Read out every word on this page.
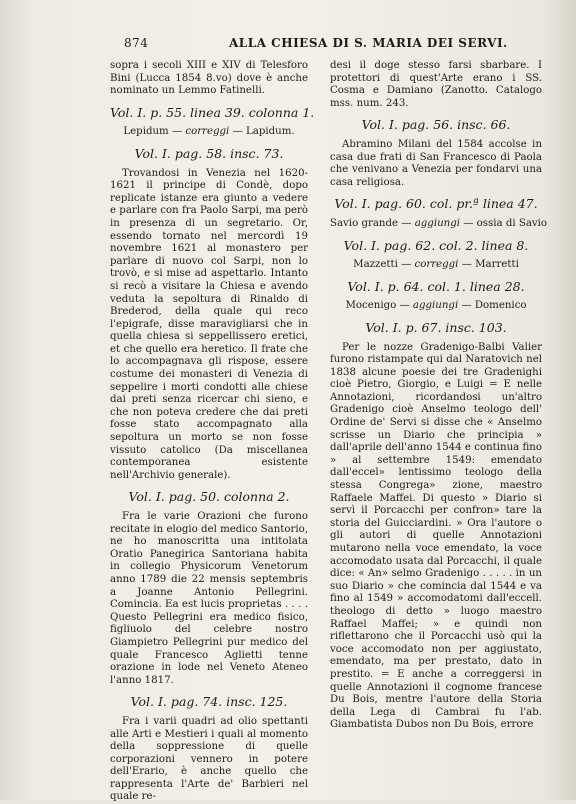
874	ALLA CHIESA DI S. MARIA DEI SERVI.

sopra i secoli XIII e XIV di Telesforo Bini (Lucca 1854 8.vo) dove è anche nominato un Lemmo Fatinelli.

Vol. I. p. 55. linea 39. colonna 1.
Lepidum — correggi — Lapidum.
Vol. I. pag. 58. insc. 73.

Trovandosi in Venezia nel 1620-1621 il principe di Condè, dopo replicate istanze era giunto a vedere e parlare con fra Paolo Sarpi, ma però in presenza di un segretario. Or, essendo tornato nel mercordì 19 novembre 1621 al monastero per parlare di nuovo col Sarpi, non lo trovò, e si mise ad aspettarlo. Intanto si recò a visitare la Chiesa e avendo veduta la sepoltura di Rinaldo di Brederod, della quale qui reco l'epigrafe, disse maravigliarsi che in quella chiesa si seppellissero eretici, et che quello era heretico. Il frate che lo accompagnava gli rispose, essere costume dei monasteri di Venezia di seppelire i morti condotti alle chiese dai preti senza ricercar chi sieno, e che non poteva credere che dai preti fosse stato accompagnato alla sepoltura un morto se non fosse vissuto catolico (Da miscellanea contemporanea esistente nell'Archivio generale).

Vol. I. pag. 50. colonna 2.

Fra le varie Orazioni che furono recitate in elogio del medico Santorio, ne ho manoscritta una intitolata Oratio Panegirica Santoriana habita in collegio Physicorum Venetorum anno 1789 die 22 mensis septembris a Joanne Antonio Pellegrini. Comincia. Ea est lucis proprietas . . . . Questo Pellegrini era medico fisico, figliuolo del celebre nostro Giampietro Pellegrini pur medico del quale Francesco Aglietti tenne orazione in lode nel Veneto Ateneo l'anno 1817.

Vol. I. pag. 74. insc. 125.

Fra i varii quadri ad olio spettanti alle Arti e Mestieri i quali al momento della soppressione di quelle corporazioni vennero in potere dell'Erario, è anche quello che rappresenta l'Arte de' Barbieri nel quale re-

desi il doge stesso farsi sbarbare. I protettori di quest'Arte erano i SS. Cosma e Damiano (Zanotto. Catalogo mss. num. 243.

Vol. I. pag. 56. insc. 66.

Abramino Milani del 1584 accolse in casa due frati di San Francesco di Paola che venivano a Venezia per fondarvi una casa religiosa.

Vol. I. pag. 60. col. pr.ª linea 47.
Savio grande — aggiungi — ossia di Savio
Vol. I. pag. 62. col. 2. linea 8.
Mazzetti — correggi — Marretti
Vol. I. p. 64. col. 1. linea 28.
Mocenigo — aggiungi — Domenico
Vol. I. p. 67. insc. 103.

Per le nozze Gradenigo-Balbi Valier furono ristampate qui dal Naratovich nel 1838 alcune poesie dei tre Gradenighi cioè Pietro, Giorgio, e Luigi = E nelle Annotazioni, ricordandosi un'altro Gradenigo cioè Anselmo teologo dell' Ordine de' Servi si disse che « Anselmo scrisse un Diario che principia » dall'aprile dell'anno 1544 e continua fino » al settembre 1549: emendato dall'eccel» lentissimo teologo della stessa Congrega» zione, maestro Raffaele Maffei. Di questo » Diario si servì il Porcacchi per confron» tare la storia del Guicciardini. » Ora l'autore o gli autori di quelle Annotazioni mutarono nella voce emendato, la voce accomodato usata dal Porcacchi, il quale dice: « An» selmo Gradenigo . . . . . in un suo Diario » che comincia dal 1544 e va fino al 1549 » accomodatomi dall'eccell. theologo di detto » luogo maestro Raffael Maffei; » e quindi non riflettarono che il Porcacchi usò qui la voce accomodato non per aggiustato, emendato, ma per prestato, dato in prestito. = E anche a correggersi in quelle Annotazioni il cognome francese Du Bois, mentre l'autore della Storia della Lega di Cambrai fu l'ab. Giambatista Dubos non Du Bois, errore
